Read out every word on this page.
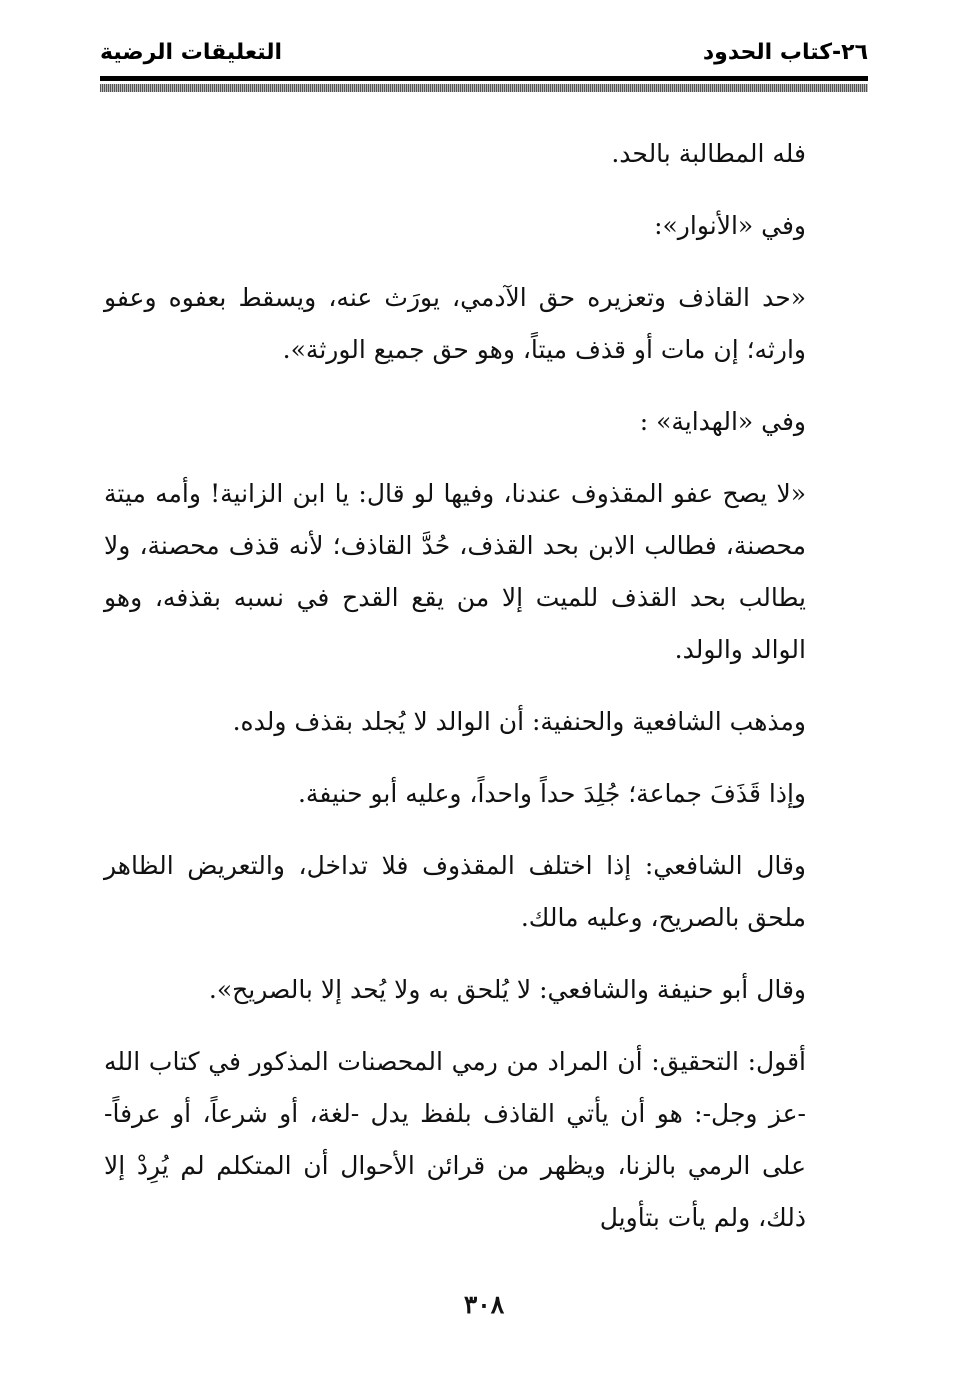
٢٦-كتاب الحدود
التعليقات الرضية

فله المطالبة بالحد.

وفي «الأنوار»:

«حد القاذف وتعزيره حق الآدمي، يورَث عنه، ويسقط بعفوه وعفو وارثه؛ إن مات أو قذف ميتاً، وهو حق جميع الورثة».

وفي «الهداية» :

«لا يصح عفو المقذوف عندنا، وفيها لو قال: يا ابن الزانية! وأمه ميتة محصنة، فطالب الابن بحد القذف، حُدَّ القاذف؛ لأنه قذف محصنة، ولا يطالب بحد القذف للميت إلا من يقع القدح في نسبه بقذفه، وهو الوالد والولد.

ومذهب الشافعية والحنفية: أن الوالد لا يُجلد بقذف ولده.

وإذا قَذَفَ جماعة؛ جُلِدَ حداً واحداً، وعليه أبو حنيفة.

وقال الشافعي: إذا اختلف المقذوف فلا تداخل، والتعريض الظاهر ملحق بالصريح، وعليه مالك.

وقال أبو حنيفة والشافعي: لا يُلحق به ولا يُحد إلا بالصريح».

أقول: التحقيق: أن المراد من رمي المحصنات المذكور في كتاب الله -عز وجل-: هو أن يأتي القاذف بلفظ يدل -لغة، أو شرعاً، أو عرفاً- على الرمي بالزنا، ويظهر من قرائن الأحوال أن المتكلم لم يُرِدْ إلا ذلك، ولم يأت بتأويل

٣٠٨
